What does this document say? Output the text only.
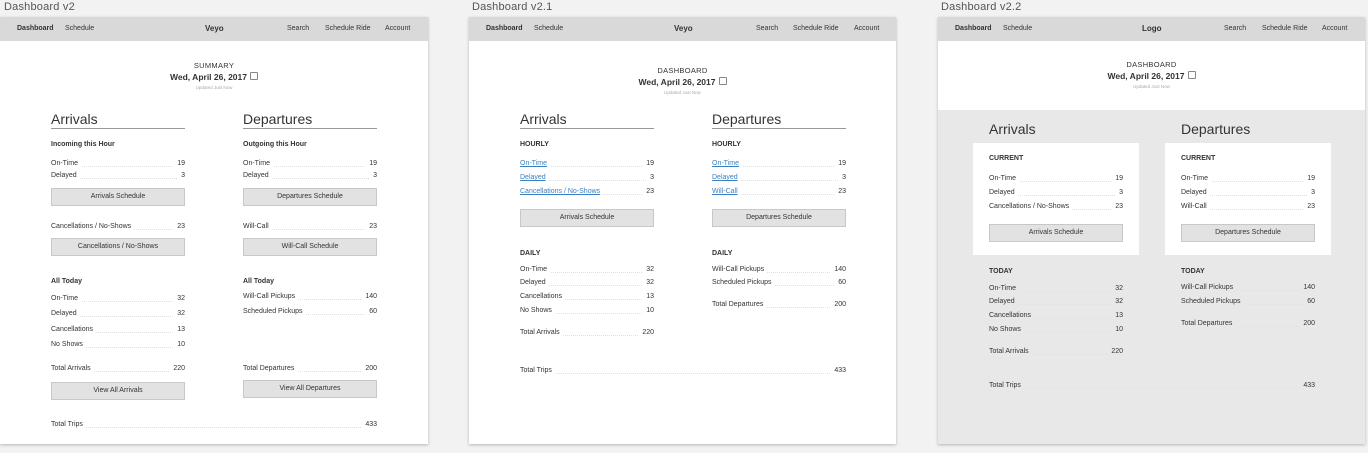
Dashboard v2
Dashboard Schedule	Veyo	Search Schedule Ride Account
SUMMARY
Wed, April 26, 2017
Updated Just Now
Arrivals
Incoming this Hour
On-Time	19
Delayed	3
Arrivals Schedule
Cancellations / No-Shows	23
Cancellations / No-Shows
All Today
On-Time	32
Delayed	32
Cancellations	13
No Shows	10
Total Arrivals	220
View All Arrivals
Departures
Outgoing this Hour
On-Time	19
Delayed	3
Departures Schedule
Will-Call	23
Will-Call Schedule
All Today
Will-Call Pickups	140
Scheduled Pickups	60
Total Departures	200
View All Departures
Total Trips	433
Dashboard v2.1
Dashboard Schedule	Veyo	Search Schedule Ride Account
DASHBOARD
Wed, April 26, 2017
Updated Just Now
Arrivals
HOURLY
On-Time	19
Delayed	3
Cancellations / No-Shows	23
Arrivals Schedule
DAILY
On-Time	32
Delayed	32
Cancellations	13
No Shows	10
Total Arrivals	220
Departures
HOURLY
On-Time	19
Delayed	3
Will-Call	23
Departures Schedule
DAILY
Will-Call Pickups	140
Scheduled Pickups	60
Total Departures	200
Total Trips	433
Dashboard v2.2
Dashboard Schedule	Logo	Search Schedule Ride Account
DASHBOARD
Wed, April 26, 2017
Updated Just Now
Arrivals
CURRENT
On-Time	19
Delayed	3
Cancellations / No-Shows	23
Arrivals Schedule
TODAY
On-Time	32
Delayed	32
Cancellations	13
No Shows	10
Total Arrivals	220
Departures
CURRENT
On-Time	19
Delayed	3
Will-Call	23
Departures Schedule
TODAY
Will-Call Pickups	140
Scheduled Pickups	60
Total Departures	200
Total Trips	433
